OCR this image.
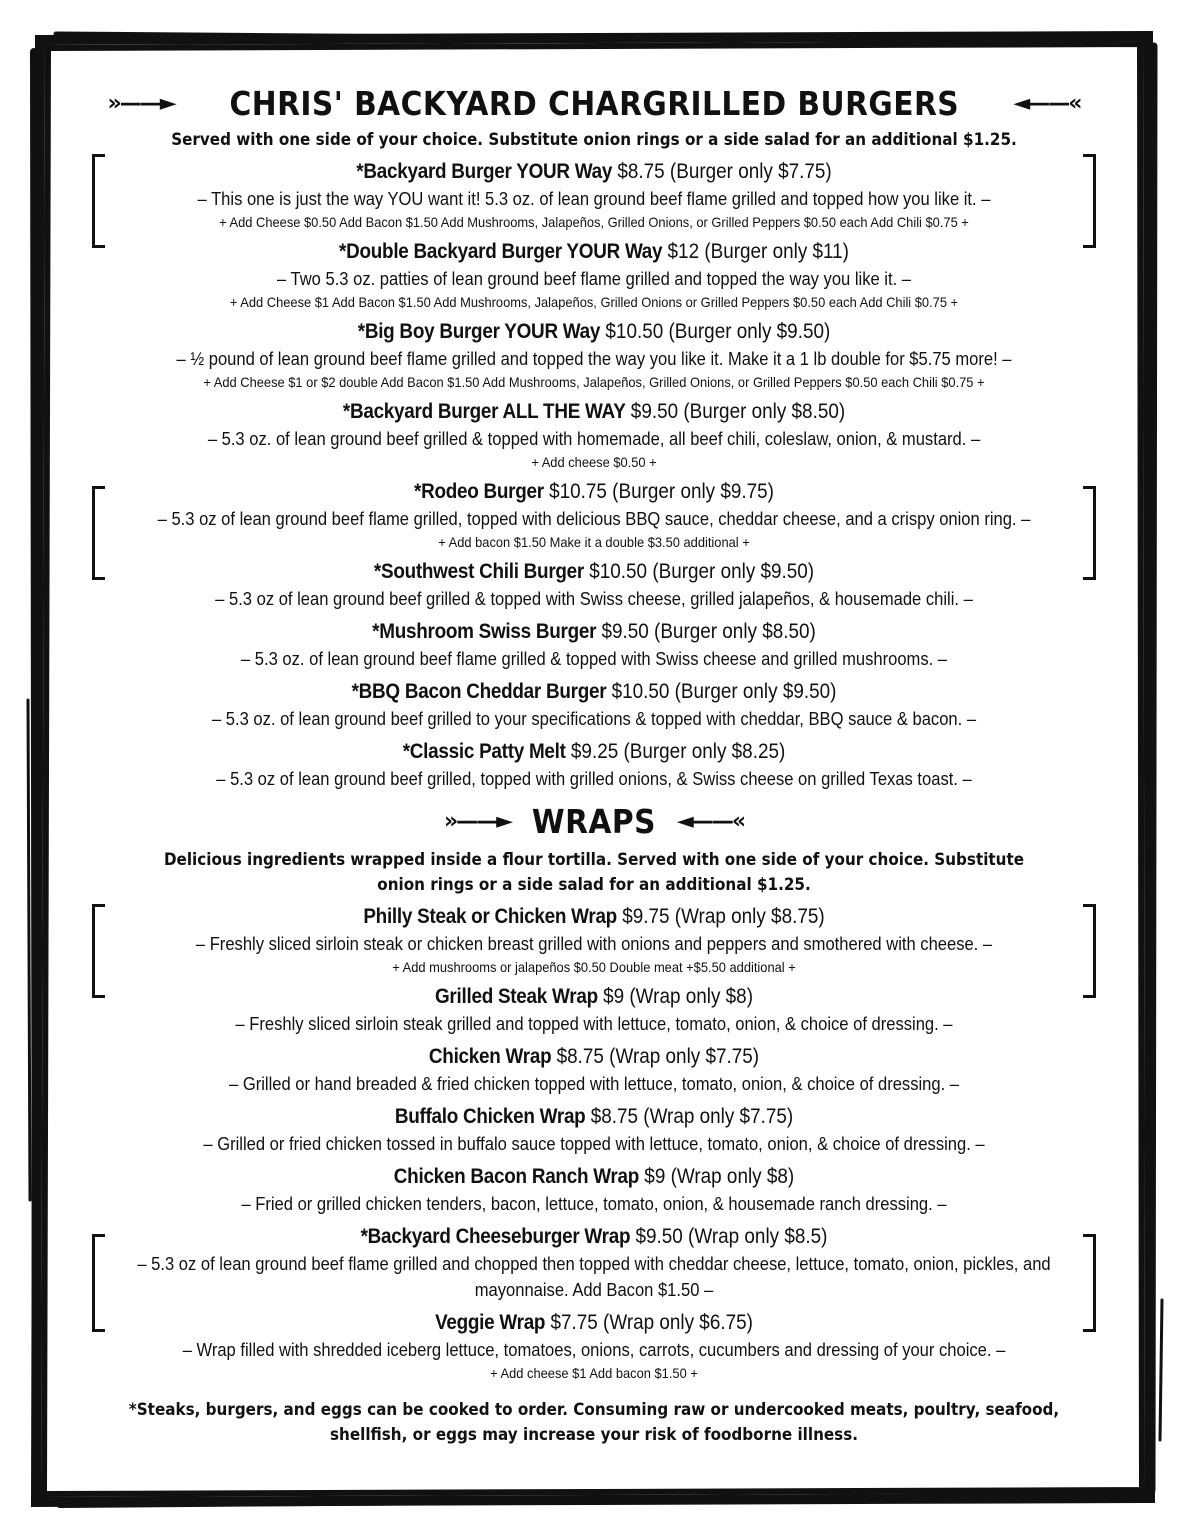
»——► CHRIS' BACKYARD CHARGRILLED BURGERS ◄——«
Served with one side of your choice. Substitute onion rings or a side salad for an additional $1.25.
*Backyard Burger YOUR Way $8.75 (Burger only $7.75)
– This one is just the way YOU want it! 5.3 oz. of lean ground beef flame grilled and topped how you like it. –
+ Add Cheese $0.50 Add Bacon $1.50 Add Mushrooms, Jalapeños, Grilled Onions, or Grilled Peppers $0.50 each Add Chili $0.75 +
*Double Backyard Burger YOUR Way $12 (Burger only $11)
– Two 5.3 oz. patties of lean ground beef flame grilled and topped the way you like it. –
+ Add Cheese $1 Add Bacon $1.50 Add Mushrooms, Jalapeños, Grilled Onions or Grilled Peppers $0.50 each Add Chili $0.75 +
*Big Boy Burger YOUR Way $10.50 (Burger only $9.50)
– ½ pound of lean ground beef flame grilled and topped the way you like it. Make it a 1 lb double for $5.75 more! –
+ Add Cheese $1 or $2 double Add Bacon $1.50 Add Mushrooms, Jalapeños, Grilled Onions, or Grilled Peppers $0.50 each Chili $0.75 +
*Backyard Burger ALL THE WAY $9.50 (Burger only $8.50)
– 5.3 oz. of lean ground beef grilled & topped with homemade, all beef chili, coleslaw, onion, & mustard. –
+ Add cheese $0.50 +
*Rodeo Burger $10.75 (Burger only $9.75)
– 5.3 oz of lean ground beef flame grilled, topped with delicious BBQ sauce, cheddar cheese, and a crispy onion ring. –
+ Add bacon $1.50 Make it a double $3.50 additional +
*Southwest Chili Burger $10.50 (Burger only $9.50)
– 5.3 oz of lean ground beef grilled & topped with Swiss cheese, grilled jalapeños, & housemade chili. –
*Mushroom Swiss Burger $9.50 (Burger only $8.50)
– 5.3 oz. of lean ground beef flame grilled & topped with Swiss cheese and grilled mushrooms. –
*BBQ Bacon Cheddar Burger $10.50 (Burger only $9.50)
– 5.3 oz. of lean ground beef grilled to your specifications & topped with cheddar, BBQ sauce & bacon. –
*Classic Patty Melt $9.25 (Burger only $8.25)
– 5.3 oz of lean ground beef grilled, topped with grilled onions, & Swiss cheese on grilled Texas toast. –
»——► WRAPS ◄——«
Delicious ingredients wrapped inside a flour tortilla. Served with one side of your choice. Substitute onion rings or a side salad for an additional $1.25.
Philly Steak or Chicken Wrap $9.75 (Wrap only $8.75)
– Freshly sliced sirloin steak or chicken breast grilled with onions and peppers and smothered with cheese. –
+ Add mushrooms or jalapeños $0.50 Double meat +$5.50 additional +
Grilled Steak Wrap $9 (Wrap only $8)
– Freshly sliced sirloin steak grilled and topped with lettuce, tomato, onion, & choice of dressing. –
Chicken Wrap $8.75 (Wrap only $7.75)
– Grilled or hand breaded & fried chicken topped with lettuce, tomato, onion, & choice of dressing. –
Buffalo Chicken Wrap $8.75 (Wrap only $7.75)
– Grilled or fried chicken tossed in buffalo sauce topped with lettuce, tomato, onion, & choice of dressing. –
Chicken Bacon Ranch Wrap $9 (Wrap only $8)
– Fried or grilled chicken tenders, bacon, lettuce, tomato, onion, & housemade ranch dressing. –
*Backyard Cheeseburger Wrap $9.50 (Wrap only $8.5)
– 5.3 oz of lean ground beef flame grilled and chopped then topped with cheddar cheese, lettuce, tomato, onion, pickles, and mayonnaise. Add Bacon $1.50 –
Veggie Wrap $7.75 (Wrap only $6.75)
– Wrap filled with shredded iceberg lettuce, tomatoes, onions, carrots, cucumbers and dressing of your choice. –
+ Add cheese $1 Add bacon $1.50 +
*Steaks, burgers, and eggs can be cooked to order. Consuming raw or undercooked meats, poultry, seafood, shellfish, or eggs may increase your risk of foodborne illness.
